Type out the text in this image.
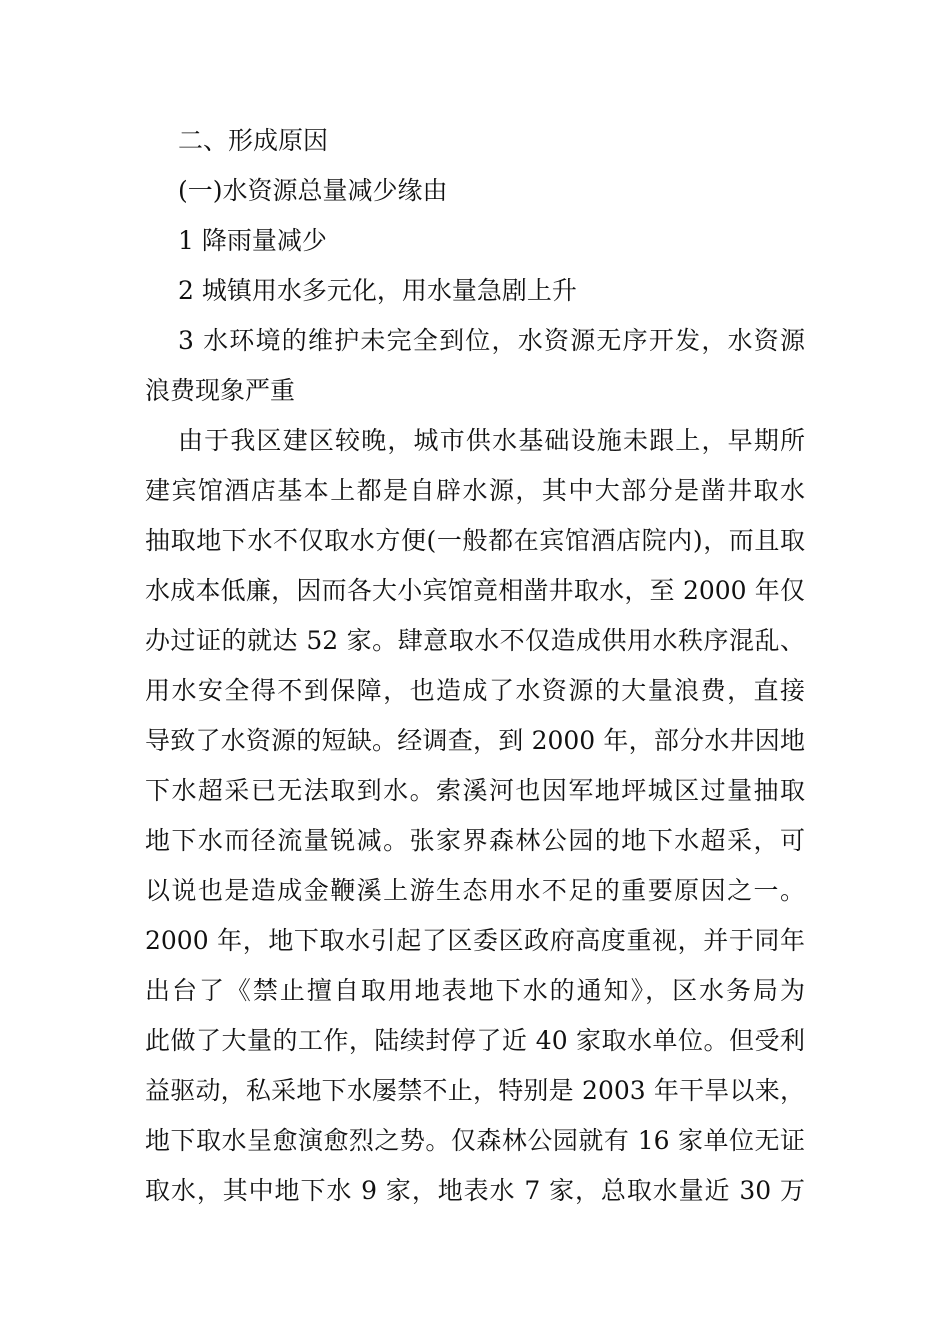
二、形成原因
(一)水资源总量减少缘由
1 降雨量减少
2 城镇用水多元化，用水量急剧上升
3 水环境的维护未完全到位，水资源无序开发，水资源
浪费现象严重
由于我区建区较晚，城市供水基础设施未跟上，早期所
建宾馆酒店基本上都是自辟水源，其中大部分是凿井取水
抽取地下水不仅取水方便(一般都在宾馆酒店院内)，而且取
水成本低廉，因而各大小宾馆竟相凿井取水，至 2000 年仅
办过证的就达 52 家。肆意取水不仅造成供用水秩序混乱、
用水安全得不到保障，也造成了水资源的大量浪费，直接
导致了水资源的短缺。经调查，到 2000 年，部分水井因地
下水超采已无法取到水。索溪河也因军地坪城区过量抽取
地下水而径流量锐减。张家界森林公园的地下水超采，可
以说也是造成金鞭溪上游生态用水不足的重要原因之一。
2000 年，地下取水引起了区委区政府高度重视，并于同年
出台了《禁止擅自取用地表地下水的通知》，区水务局为
此做了大量的工作，陆续封停了近 40 家取水单位。但受利
益驱动，私采地下水屡禁不止，特别是 2003 年干旱以来，
地下取水呈愈演愈烈之势。仅森林公园就有 16 家单位无证
取水，其中地下水 9 家，地表水 7 家，总取水量近 30 万
